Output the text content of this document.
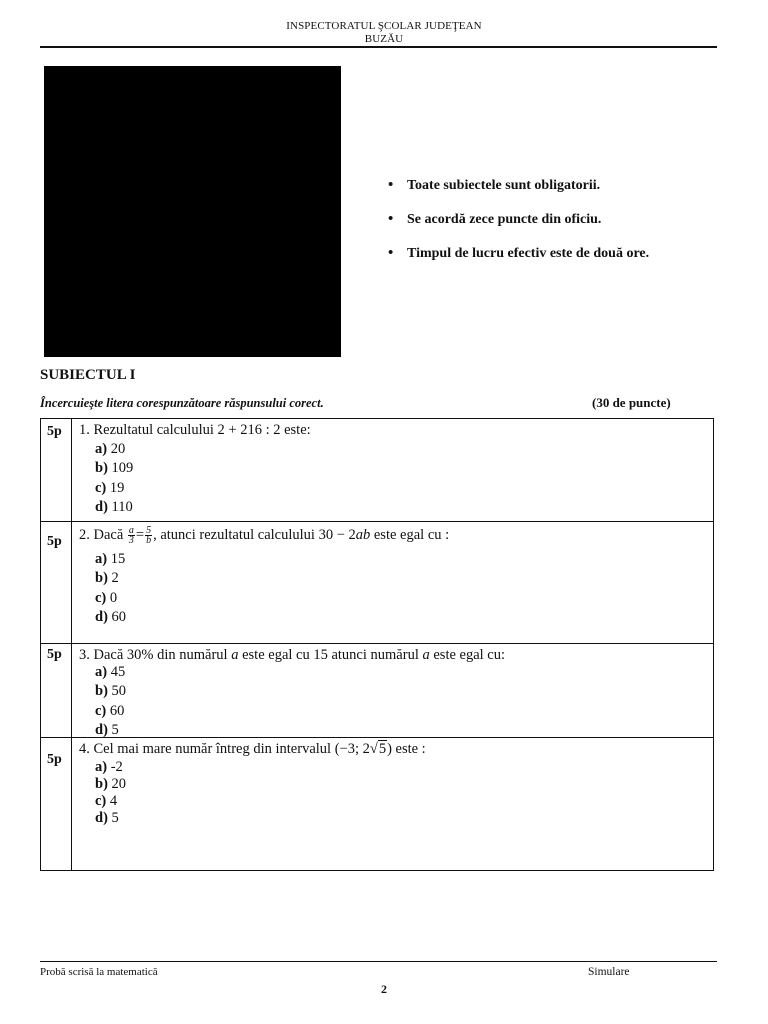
INSPECTORATUL ŞCOLAR JUDEŢEAN
BUZĂU
• Toate subiectele sunt obligatorii.
• Se acordă zece puncte din oficiu.
• Timpul de lucru efectiv este de două ore.
SUBIECTUL I
Încercuieşte litera corespunzătoare răspunsului corect.	(30 de puncte)
5p 1. Rezultatul calculului 2 + 216 : 2 este:
a) 20
b) 109
c) 19
d) 110
5p 2. Dacă $\frac{a}{3} = \frac{5}{b}$ , atunci rezultatul calculului 30 − 2ab este egal cu :
a) 15
b) 2
c) 0
d) 60
5p 3. Dacă 30% din numărul a este egal cu 15 atunci numărul a este egal cu:
a) 45
b) 50
c) 60
d) 5
5p
4. Cel mai mare număr întreg din intervalul (−3; 2√5) este :
a) -2
b) 20
c) 4
d) 5
Probă scrisă la matematică	Simulare
2
